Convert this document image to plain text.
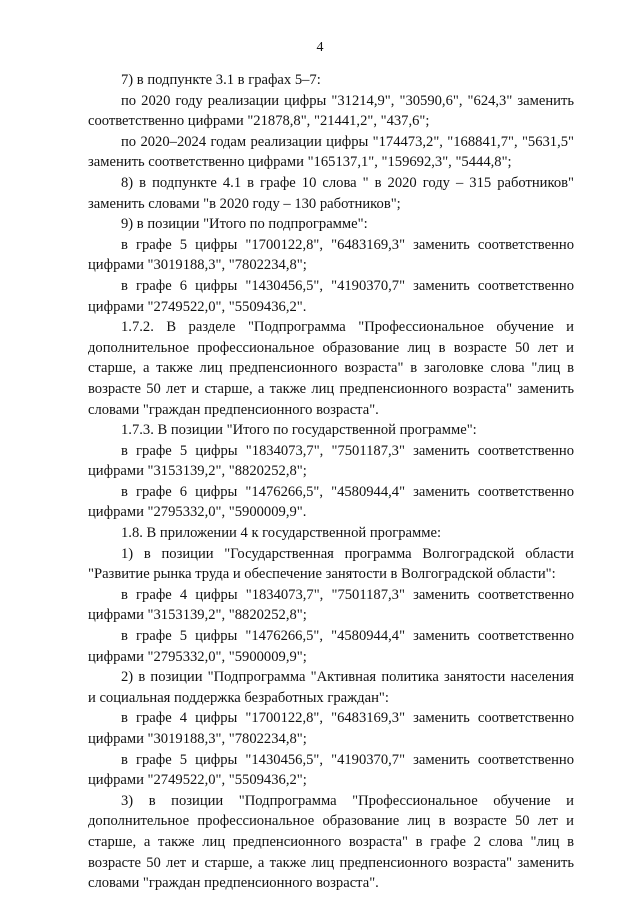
4

7) в подпункте 3.1 в графах 5–7:

по 2020 году реализации цифры "31214,9", "30590,6", "624,3" заменить соответственно цифрами "21878,8", "21441,2", "437,6";

по 2020–2024 годам реализации цифры "174473,2", "168841,7", "5631,5" заменить соответственно цифрами "165137,1", "159692,3", "5444,8";

8) в подпункте 4.1 в графе 10 слова " в 2020 году – 315 работников" заменить словами "в 2020 году – 130 работников";

9) в позиции "Итого по подпрограмме":

в графе 5 цифры "1700122,8", "6483169,3" заменить соответственно цифрами "3019188,3", "7802234,8";

в графе 6 цифры "1430456,5", "4190370,7" заменить соответственно цифрами "2749522,0", "5509436,2".

1.7.2. В разделе "Подпрограмма "Профессиональное обучение и дополнительное профессиональное образование лиц в возрасте 50 лет и старше, а также лиц предпенсионного возраста" в заголовке слова "лиц в возрасте 50 лет и старше, а также лиц предпенсионного возраста" заменить словами "граждан предпенсионного возраста".

1.7.3. В позиции "Итого по государственной программе":

в графе 5 цифры "1834073,7", "7501187,3" заменить соответственно цифрами "3153139,2", "8820252,8";

в графе 6 цифры "1476266,5", "4580944,4" заменить соответственно цифрами "2795332,0", "5900009,9".

1.8. В приложении 4 к государственной программе:

1) в позиции "Государственная программа Волгоградской области "Развитие рынка труда и обеспечение занятости в Волгоградской области":

в графе 4 цифры "1834073,7", "7501187,3" заменить соответственно цифрами "3153139,2", "8820252,8";

в графе 5 цифры "1476266,5", "4580944,4" заменить соответственно цифрами "2795332,0", "5900009,9";

2) в позиции "Подпрограмма "Активная политика занятости населения и социальная поддержка безработных граждан":

в графе 4 цифры "1700122,8", "6483169,3" заменить соответственно цифрами "3019188,3", "7802234,8";

в графе 5 цифры "1430456,5", "4190370,7" заменить соответственно цифрами "2749522,0", "5509436,2";

3) в позиции "Подпрограмма "Профессиональное обучение и дополнительное профессиональное образование лиц в возрасте 50 лет и старше, а также лиц предпенсионного возраста" в графе 2 слова "лиц в возрасте 50 лет и старше, а также лиц предпенсионного возраста" заменить словами "граждан предпенсионного возраста".
